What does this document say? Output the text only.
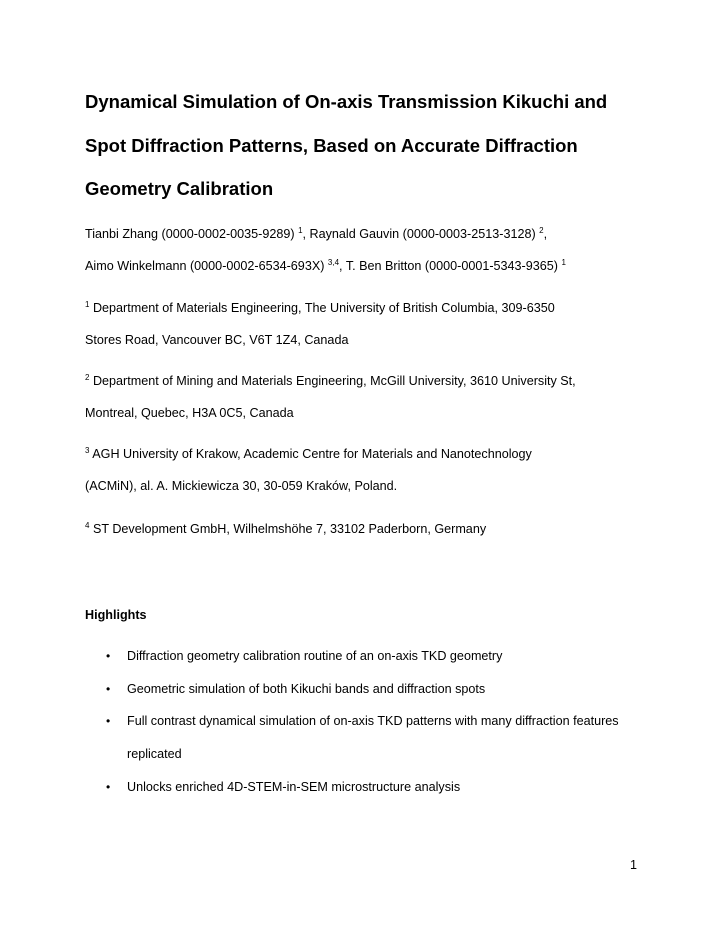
Dynamical Simulation of On-axis Transmission Kikuchi and
Spot Diffraction Patterns, Based on Accurate Diffraction
Geometry Calibration
Tianbi Zhang (0000-0002-0035-9289) $^1$, Raynald Gauvin (0000-0003-2513-3128) $^2$,
Aimo Winkelmann (0000-0002-6534-693X) $^{3,4}$, T. Ben Britton (0000-0001-5343-9365) $^1$
$^1$ Department of Materials Engineering, The University of British Columbia, 309-6350
Stores Road, Vancouver BC, V6T 1Z4, Canada
$^2$ Department of Mining and Materials Engineering, McGill University, 3610 University St,
Montreal, Quebec, H3A 0C5, Canada
$^3$ AGH University of Krakow, Academic Centre for Materials and Nanotechnology
(ACMiN), al. A. Mickiewicza 30, 30-059 Kraków, Poland.
$^4$ ST Development GmbH, Wilhelmshöhe 7, 33102 Paderborn, Germany
Highlights
• Diffraction geometry calibration routine of an on-axis TKD geometry
• Geometric simulation of both Kikuchi bands and diffraction spots
• Full contrast dynamical simulation of on-axis TKD patterns with many diffraction features replicated
• Unlocks enriched 4D-STEM-in-SEM microstructure analysis
1
